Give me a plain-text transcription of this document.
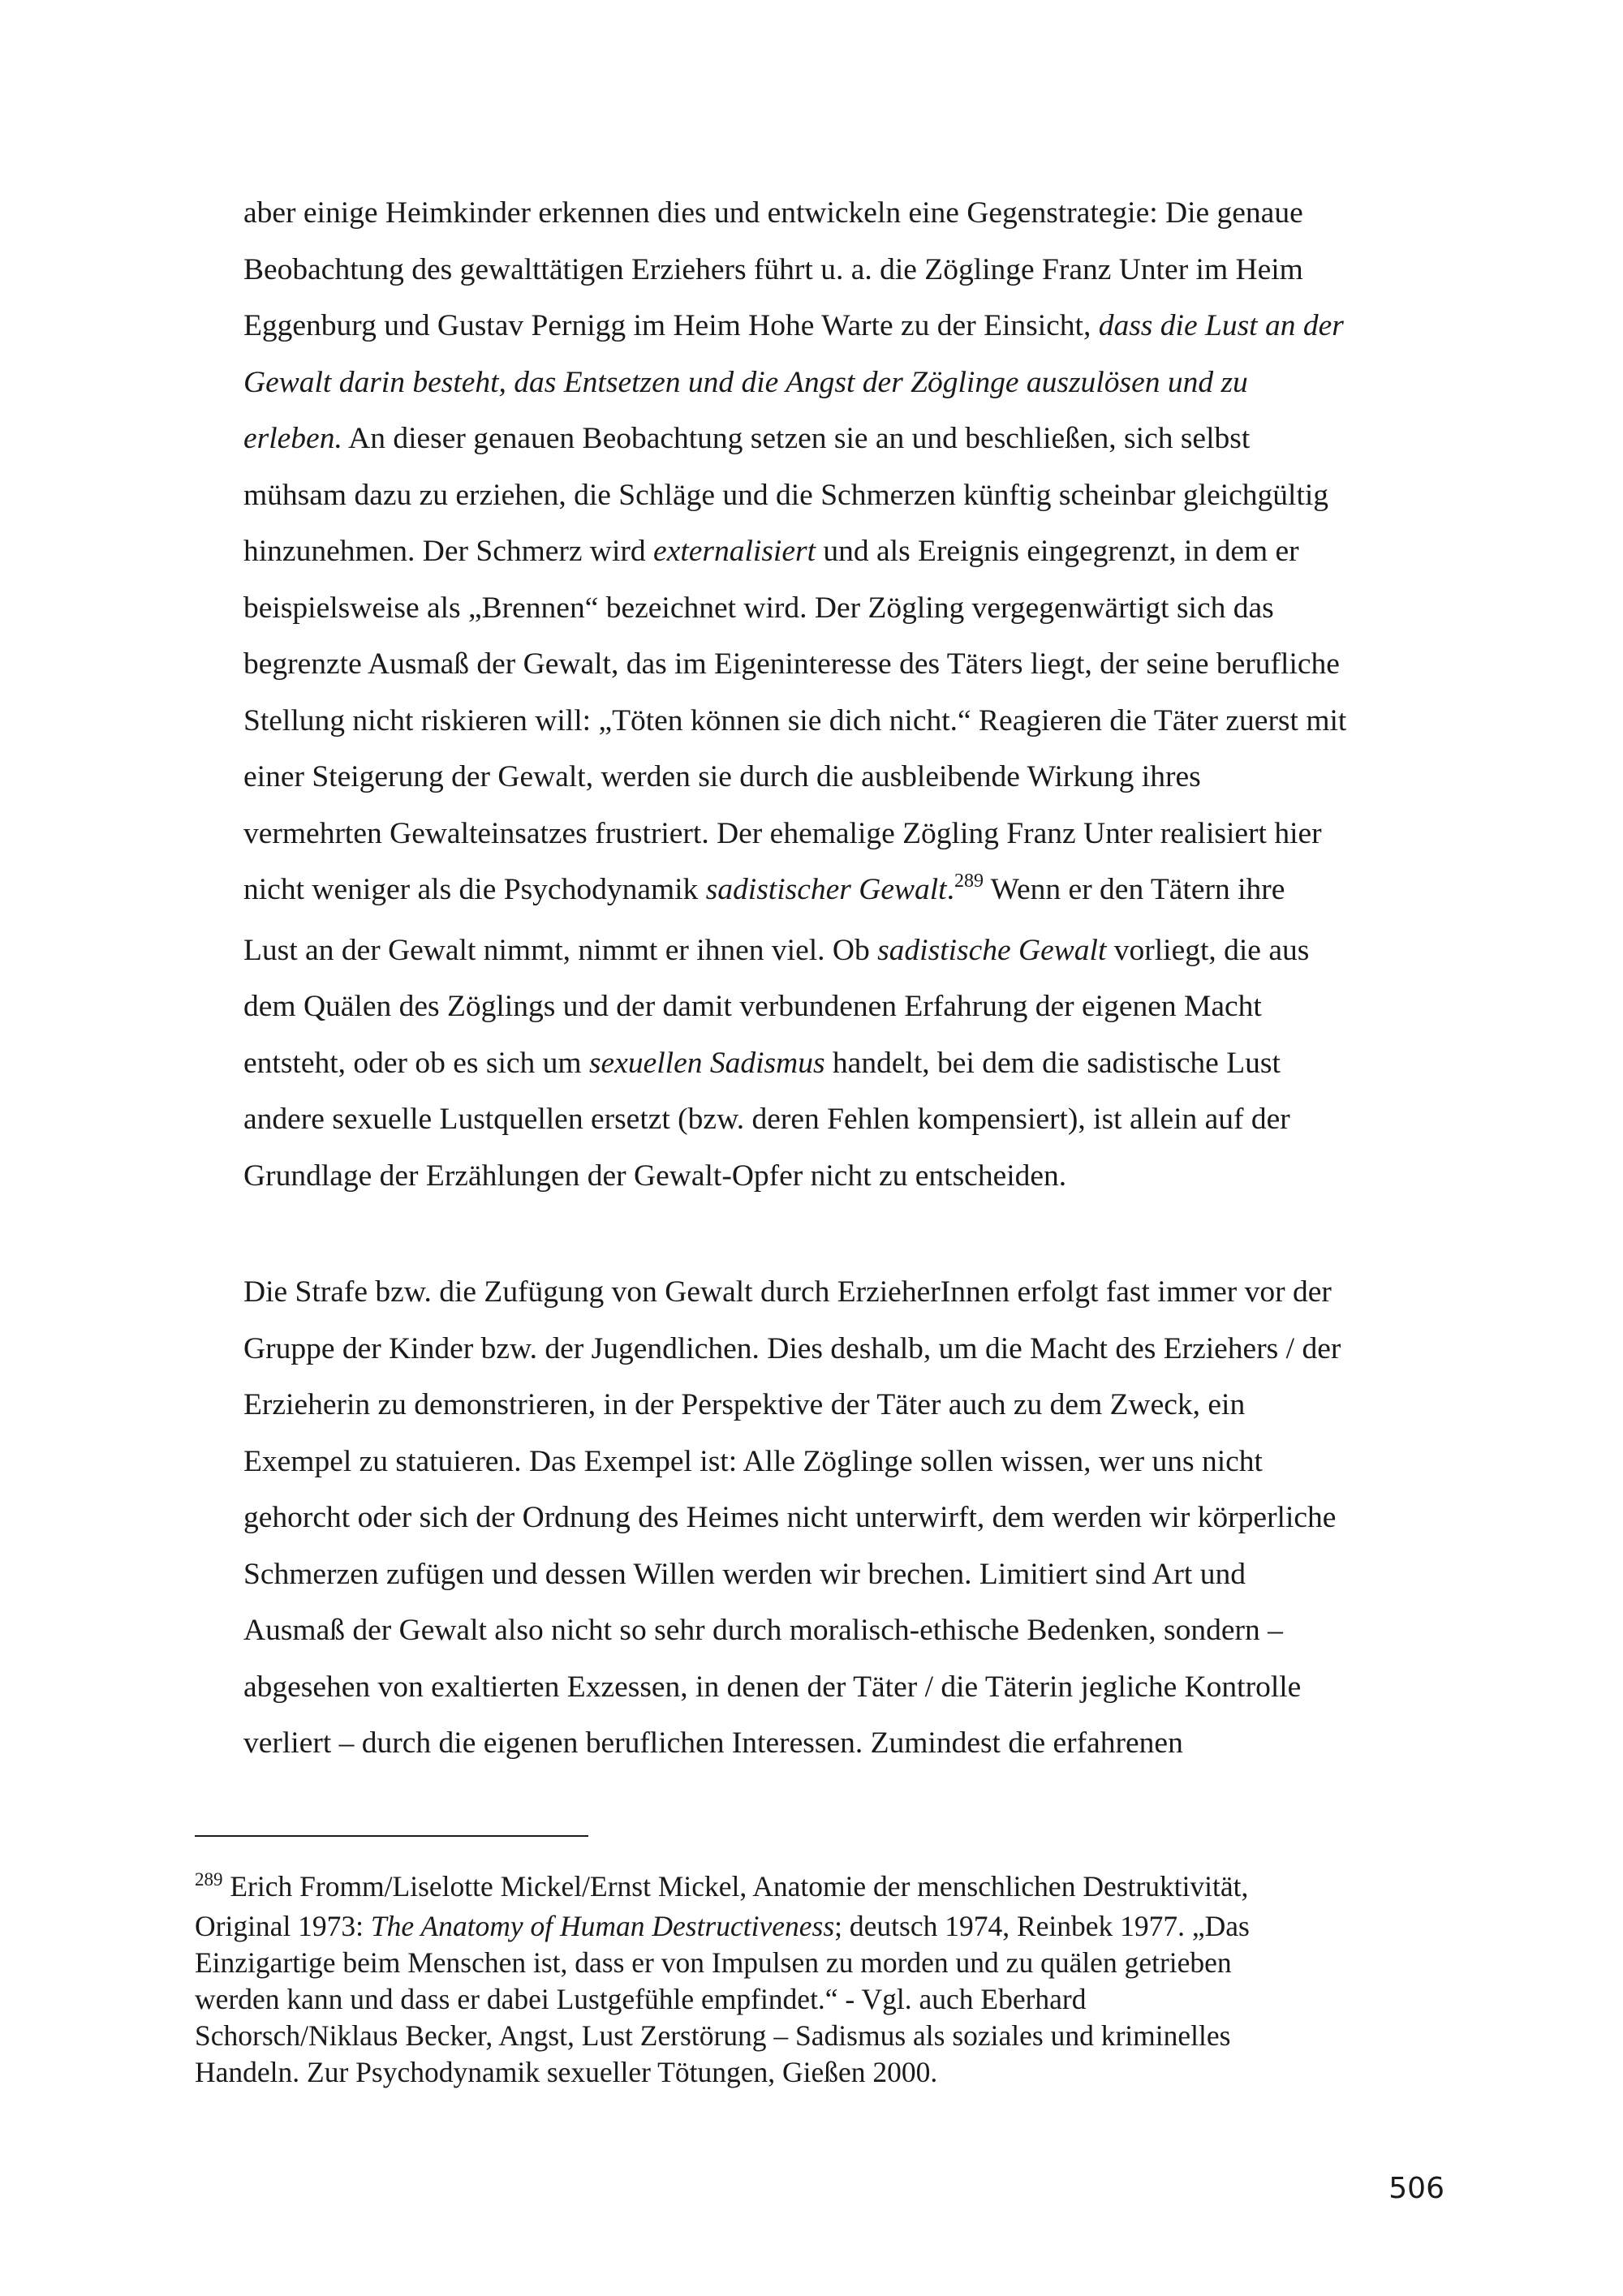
aber einige Heimkinder erkennen dies und entwickeln eine Gegenstrategie: Die genaue
Beobachtung des gewalttätigen Erziehers führt u. a. die Zöglinge Franz Unter im Heim
Eggenburg und Gustav Pernigg im Heim Hohe Warte zu der Einsicht, dass die Lust an der
Gewalt darin besteht, das Entsetzen und die Angst der Zöglinge auszulösen und zu
erleben. An dieser genauen Beobachtung setzen sie an und beschließen, sich selbst
mühsam dazu zu erziehen, die Schläge und die Schmerzen künftig scheinbar gleichgültig
hinzunehmen. Der Schmerz wird externalisiert und als Ereignis eingegrenzt, in dem er
beispielsweise als „Brennen“ bezeichnet wird. Der Zögling vergegenwärtigt sich das
begrenzte Ausmaß der Gewalt, das im Eigeninteresse des Täters liegt, der seine berufliche
Stellung nicht riskieren will: „Töten können sie dich nicht.“ Reagieren die Täter zuerst mit
einer Steigerung der Gewalt, werden sie durch die ausbleibende Wirkung ihres
vermehrten Gewalteinsatzes frustriert. Der ehemalige Zögling Franz Unter realisiert hier
nicht weniger als die Psychodynamik sadistischer Gewalt.$^{289}$ Wenn er den Tätern ihre
Lust an der Gewalt nimmt, nimmt er ihnen viel. Ob sadistische Gewalt vorliegt, die aus
dem Quälen des Zöglings und der damit verbundenen Erfahrung der eigenen Macht
entsteht, oder ob es sich um sexuellen Sadismus handelt, bei dem die sadistische Lust
andere sexuelle Lustquellen ersetzt (bzw. deren Fehlen kompensiert), ist allein auf der
Grundlage der Erzählungen der Gewalt-Opfer nicht zu entscheiden.

Die Strafe bzw. die Zufügung von Gewalt durch ErzieherInnen erfolgt fast immer vor der
Gruppe der Kinder bzw. der Jugendlichen. Dies deshalb, um die Macht des Erziehers / der
Erzieherin zu demonstrieren, in der Perspektive der Täter auch zu dem Zweck, ein
Exempel zu statuieren. Das Exempel ist: Alle Zöglinge sollen wissen, wer uns nicht
gehorcht oder sich der Ordnung des Heimes nicht unterwirft, dem werden wir körperliche
Schmerzen zufügen und dessen Willen werden wir brechen. Limitiert sind Art und
Ausmaß der Gewalt also nicht so sehr durch moralisch-ethische Bedenken, sondern –
abgesehen von exaltierten Exzessen, in denen der Täter / die Täterin jegliche Kontrolle
verliert – durch die eigenen beruflichen Interessen. Zumindest die erfahrenen

$^{289}$ Erich Fromm/Liselotte Mickel/Ernst Mickel, Anatomie der menschlichen Destruktivität,
Original 1973: The Anatomy of Human Destructiveness; deutsch 1974, Reinbek 1977. „Das
Einzigartige beim Menschen ist, dass er von Impulsen zu morden und zu quälen getrieben
werden kann und dass er dabei Lustgefühle empfindet.“ - Vgl. auch Eberhard
Schorsch/Niklaus Becker, Angst, Lust Zerstörung – Sadismus als soziales und kriminelles
Handeln. Zur Psychodynamik sexueller Tötungen, Gießen 2000.

506
